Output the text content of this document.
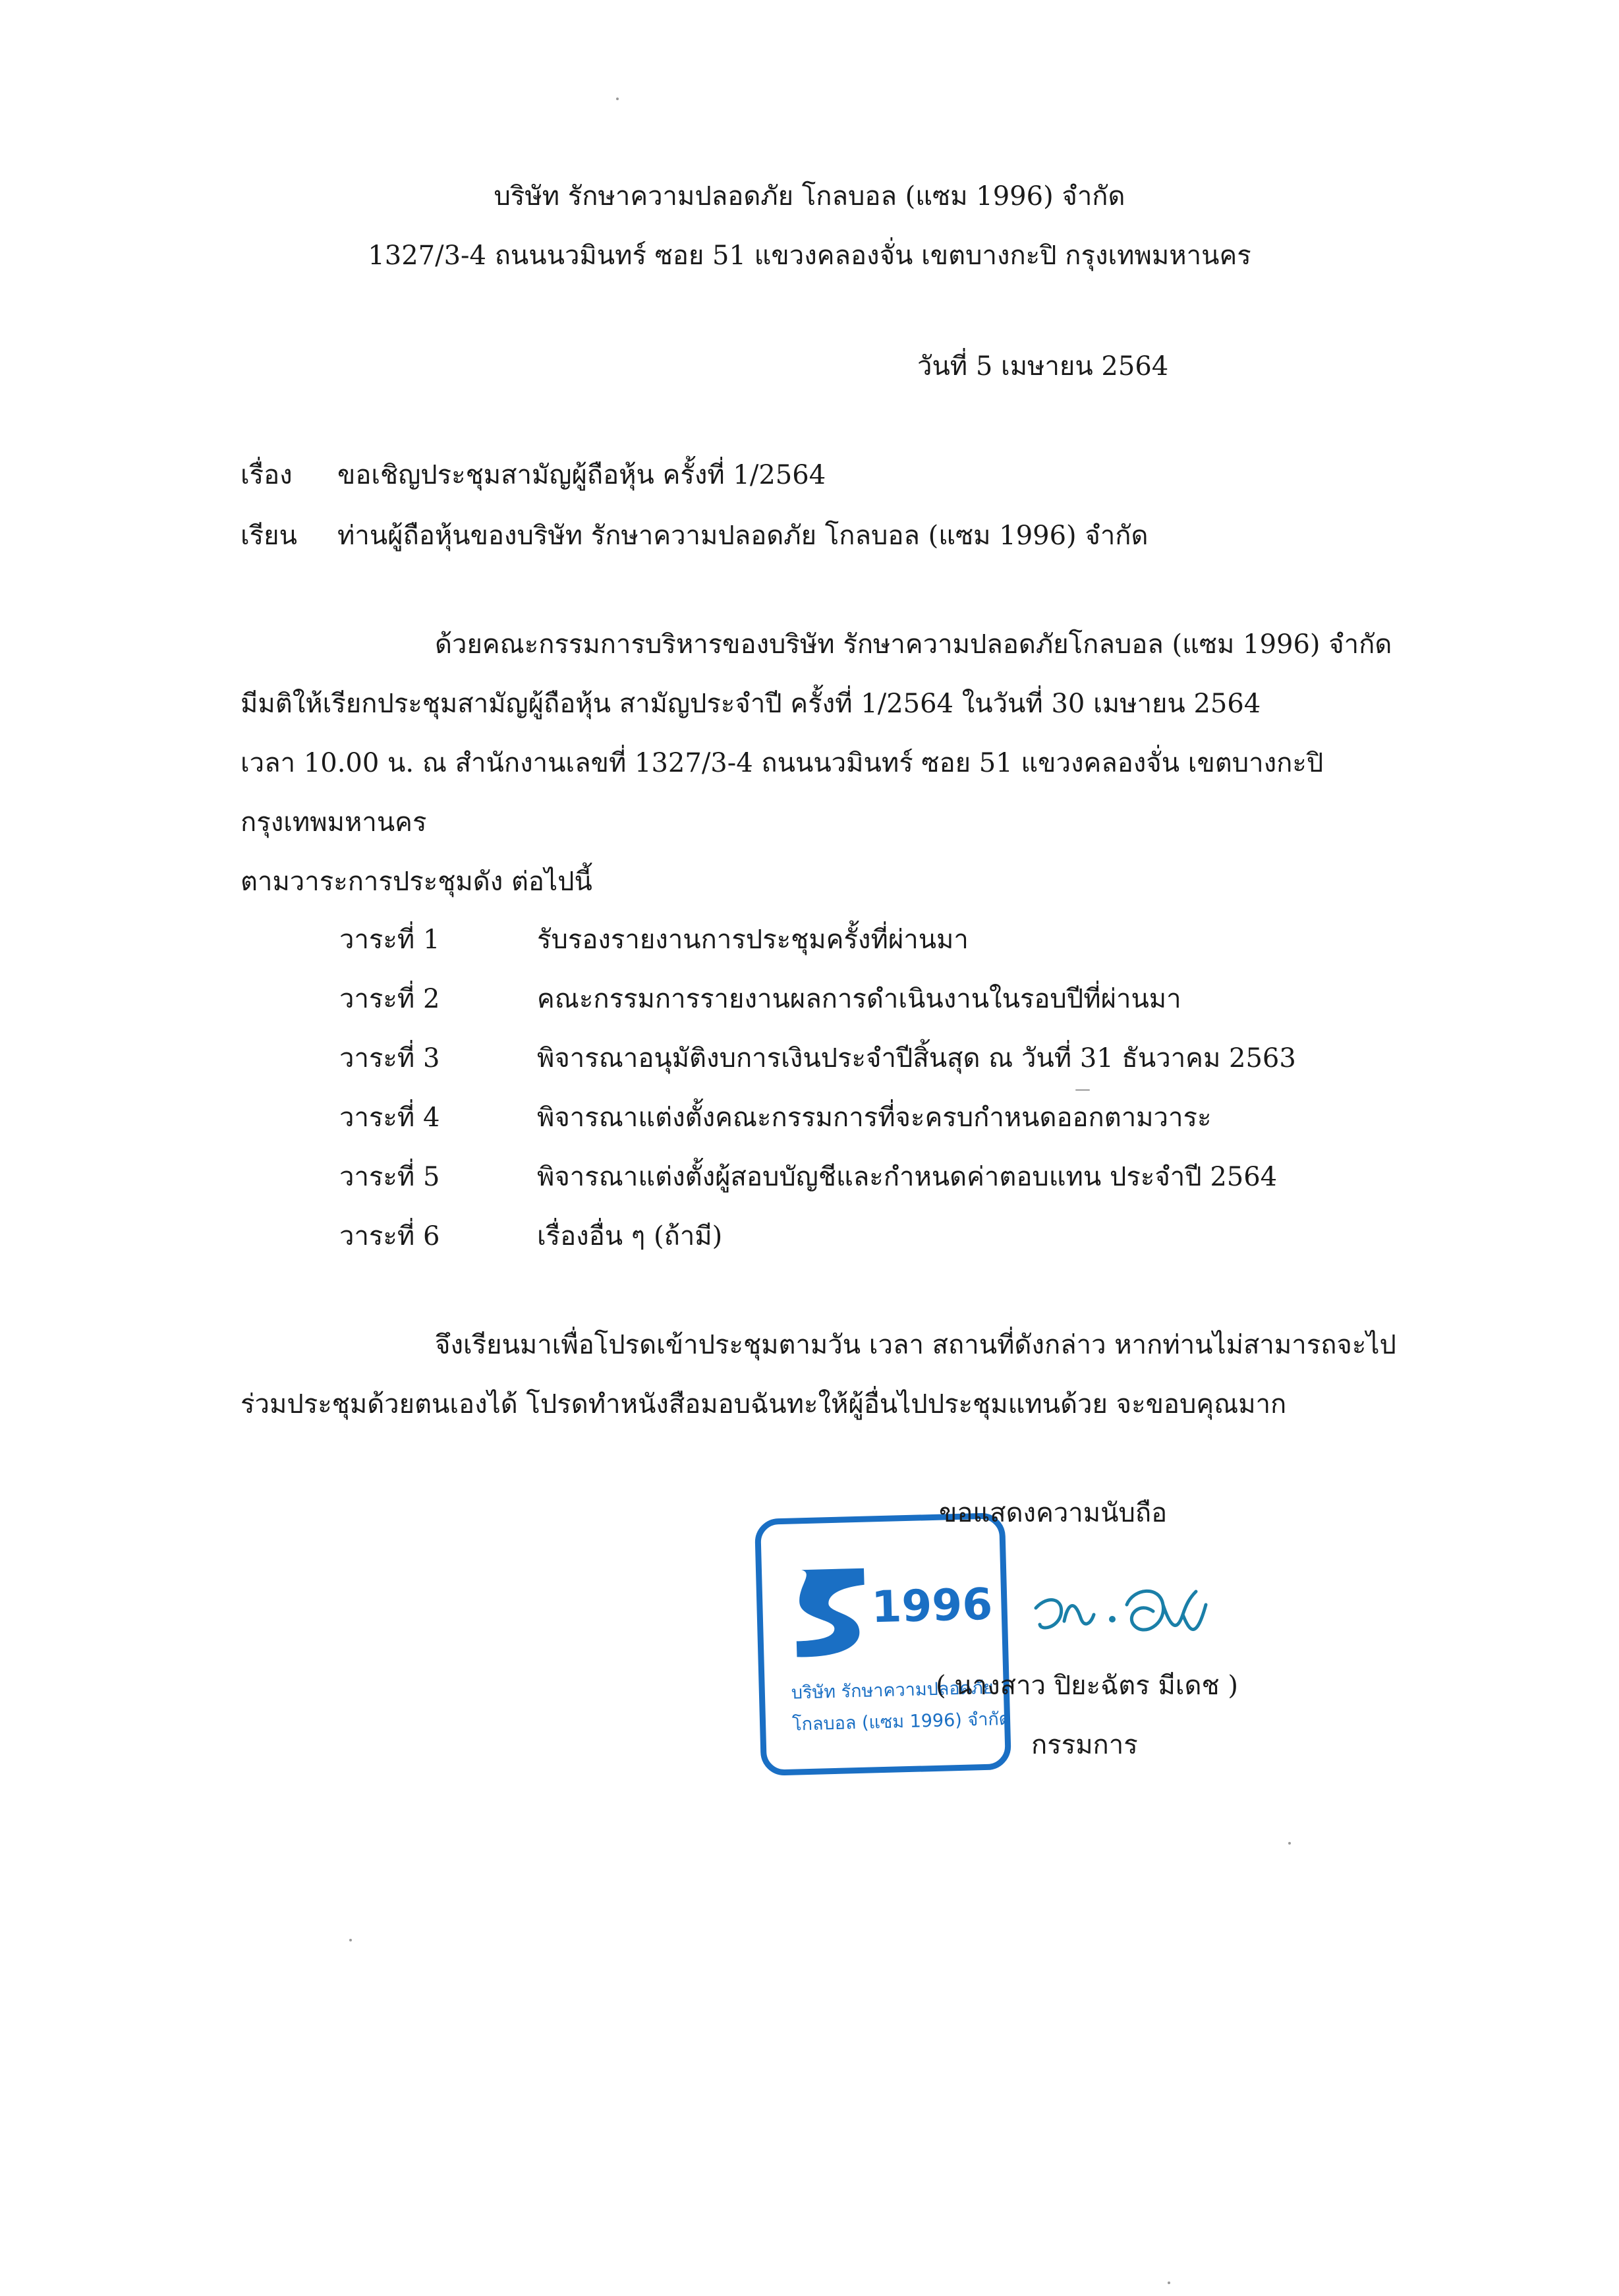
บริษัท รักษาความปลอดภัย โกลบอล (แซม 1996) จำกัด
1327/3-4 ถนนนวมินทร์ ซอย 51 แขวงคลองจั่น เขตบางกะปิ กรุงเทพมหานคร
วันที่ 5 เมษายน 2564
เรื่อง ขอเชิญประชุมสามัญผู้ถือหุ้น ครั้งที่ 1/2564
เรียน ท่านผู้ถือหุ้นของบริษัท รักษาความปลอดภัย โกลบอล (แซม 1996) จำกัด
ด้วยคณะกรรมการบริหารของบริษัท รักษาความปลอดภัยโกลบอล (แซม 1996) จำกัด
มีมติให้เรียกประชุมสามัญผู้ถือหุ้น สามัญประจำปี ครั้งที่ 1/2564 ในวันที่ 30 เมษายน 2564
เวลา 10.00 น. ณ สำนักงานเลขที่ 1327/3-4 ถนนนวมินทร์ ซอย 51 แขวงคลองจั่น เขตบางกะปิ
กรุงเทพมหานคร
ตามวาระการประชุมดัง ต่อไปนี้
วาระที่ 1	รับรองรายงานการประชุมครั้งที่ผ่านมา
วาระที่ 2	คณะกรรมการรายงานผลการดำเนินงานในรอบปีที่ผ่านมา
วาระที่ 3	พิจารณาอนุมัติงบการเงินประจำปีสิ้นสุด ณ วันที่ 31 ธันวาคม 2563
วาระที่ 4	พิจารณาแต่งตั้งคณะกรรมการที่จะครบกำหนดออกตามวาระ
วาระที่ 5	พิจารณาแต่งตั้งผู้สอบบัญชีและกำหนดค่าตอบแทน ประจำปี 2564
วาระที่ 6	เรื่องอื่น ๆ (ถ้ามี)
จึงเรียนมาเพื่อโปรดเข้าประชุมตามวัน เวลา สถานที่ดังกล่าว หากท่านไม่สามารถจะไป
ร่วมประชุมด้วยตนเองได้ โปรดทำหนังสือมอบฉันทะให้ผู้อื่นไปประชุมแทนด้วย จะขอบคุณมาก
1996
บริษัท รักษาความปลอดภัย
โกลบอล (แซม 1996) จำกัด
ขอแสดงความนับถือ
( นางสาว ปิยะฉัตร มีเดช )
กรรมการ
